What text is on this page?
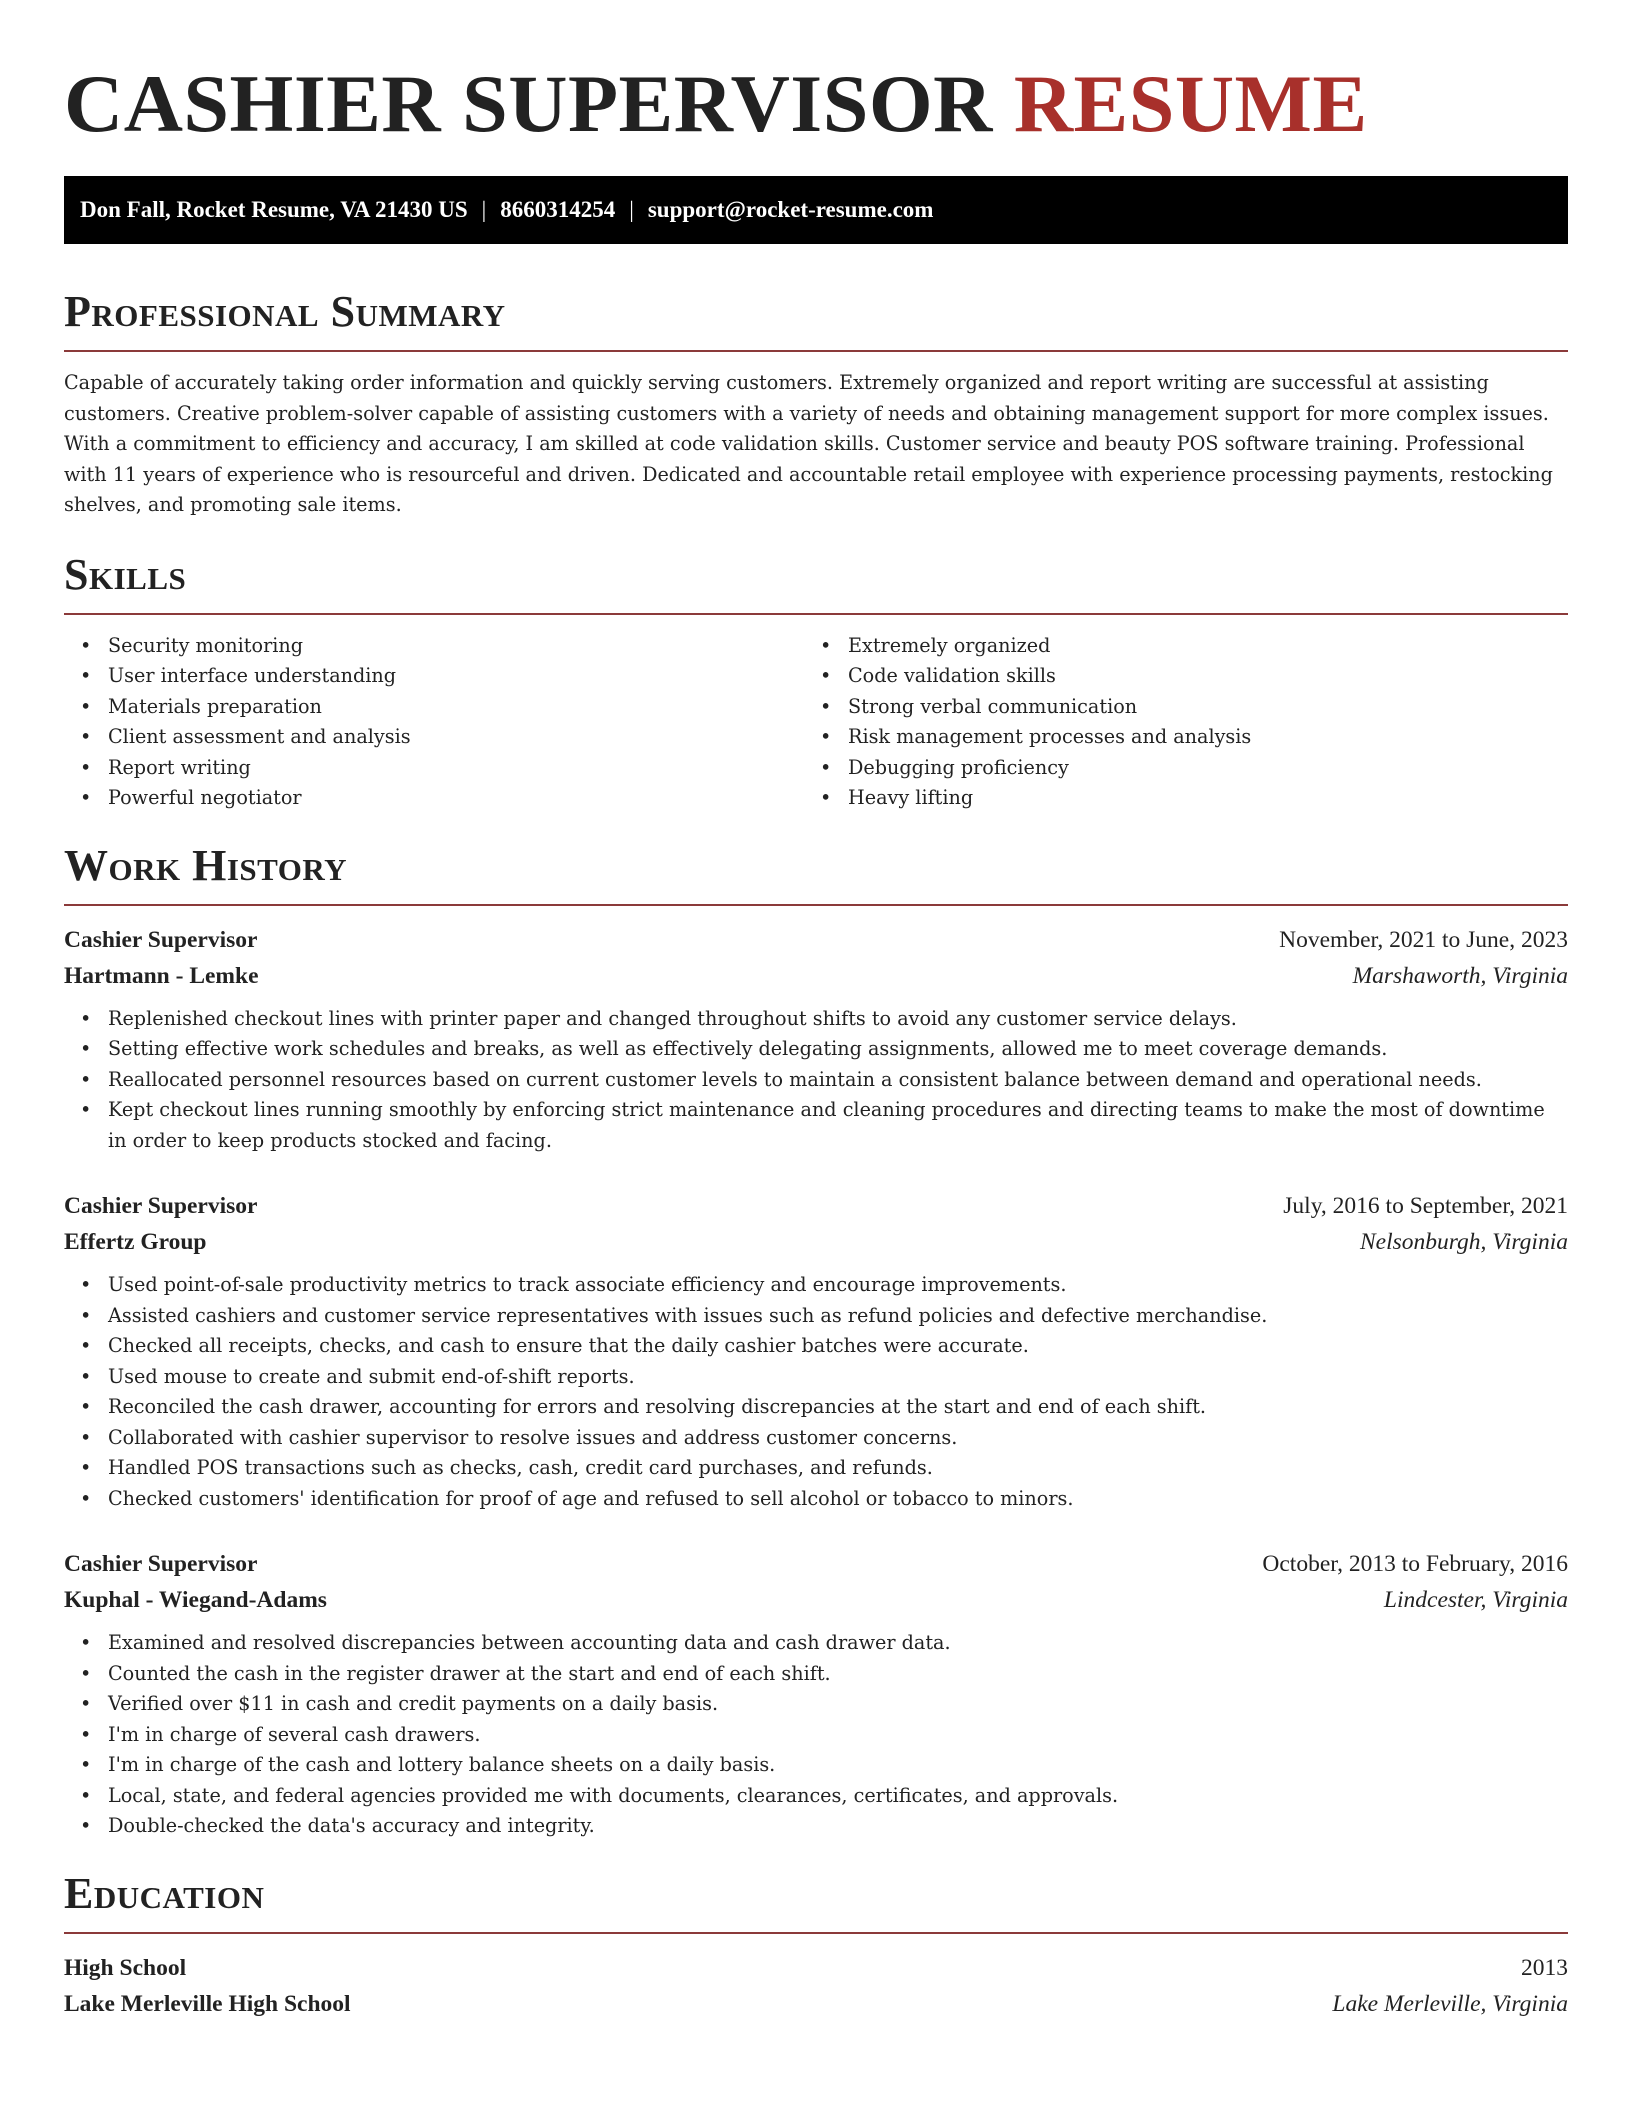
CASHIER SUPERVISOR RESUME
Don Fall, Rocket Resume, VA 21430 US | 8660314254 | support@rocket-resume.com
Professional Summary

Capable of accurately taking order information and quickly serving customers. Extremely organized and report writing are successful at assisting customers. Creative problem-solver capable of assisting customers with a variety of needs and obtaining management support for more complex issues. With a commitment to efficiency and accuracy, I am skilled at code validation skills. Customer service and beauty POS software training. Professional with 11 years of experience who is resourceful and driven. Dedicated and accountable retail employee with experience processing payments, restocking shelves, and promoting sale items.

Skills
• Security monitoring
• User interface understanding
• Materials preparation
• Client assessment and analysis
• Report writing
• Powerful negotiator
• Extremely organized
• Code validation skills
• Strong verbal communication
• Risk management processes and analysis
• Debugging proficiency
• Heavy lifting
Work History
Cashier Supervisor	November, 2021 to June, 2023
Hartmann - Lemke	Marshaworth, Virginia
• Replenished checkout lines with printer paper and changed throughout shifts to avoid any customer service delays.
• Setting effective work schedules and breaks, as well as effectively delegating assignments, allowed me to meet coverage demands.
• Reallocated personnel resources based on current customer levels to maintain a consistent balance between demand and operational needs.
• Kept checkout lines running smoothly by enforcing strict maintenance and cleaning procedures and directing teams to make the most of downtime in order to keep products stocked and facing.
Cashier Supervisor	July, 2016 to September, 2021
Effertz Group	Nelsonburgh, Virginia
• Used point-of-sale productivity metrics to track associate efficiency and encourage improvements.
• Assisted cashiers and customer service representatives with issues such as refund policies and defective merchandise.
• Checked all receipts, checks, and cash to ensure that the daily cashier batches were accurate.
• Used mouse to create and submit end-of-shift reports.
• Reconciled the cash drawer, accounting for errors and resolving discrepancies at the start and end of each shift.
• Collaborated with cashier supervisor to resolve issues and address customer concerns.
• Handled POS transactions such as checks, cash, credit card purchases, and refunds.
• Checked customers' identification for proof of age and refused to sell alcohol or tobacco to minors.
Cashier Supervisor	October, 2013 to February, 2016
Kuphal - Wiegand-Adams	Lindcester, Virginia
• Examined and resolved discrepancies between accounting data and cash drawer data.
• Counted the cash in the register drawer at the start and end of each shift.
• Verified over $11 in cash and credit payments on a daily basis.
• I'm in charge of several cash drawers.
• I'm in charge of the cash and lottery balance sheets on a daily basis.
• Local, state, and federal agencies provided me with documents, clearances, certificates, and approvals.
• Double-checked the data's accuracy and integrity.
Education
High School	2013
Lake Merleville High School	Lake Merleville, Virginia
